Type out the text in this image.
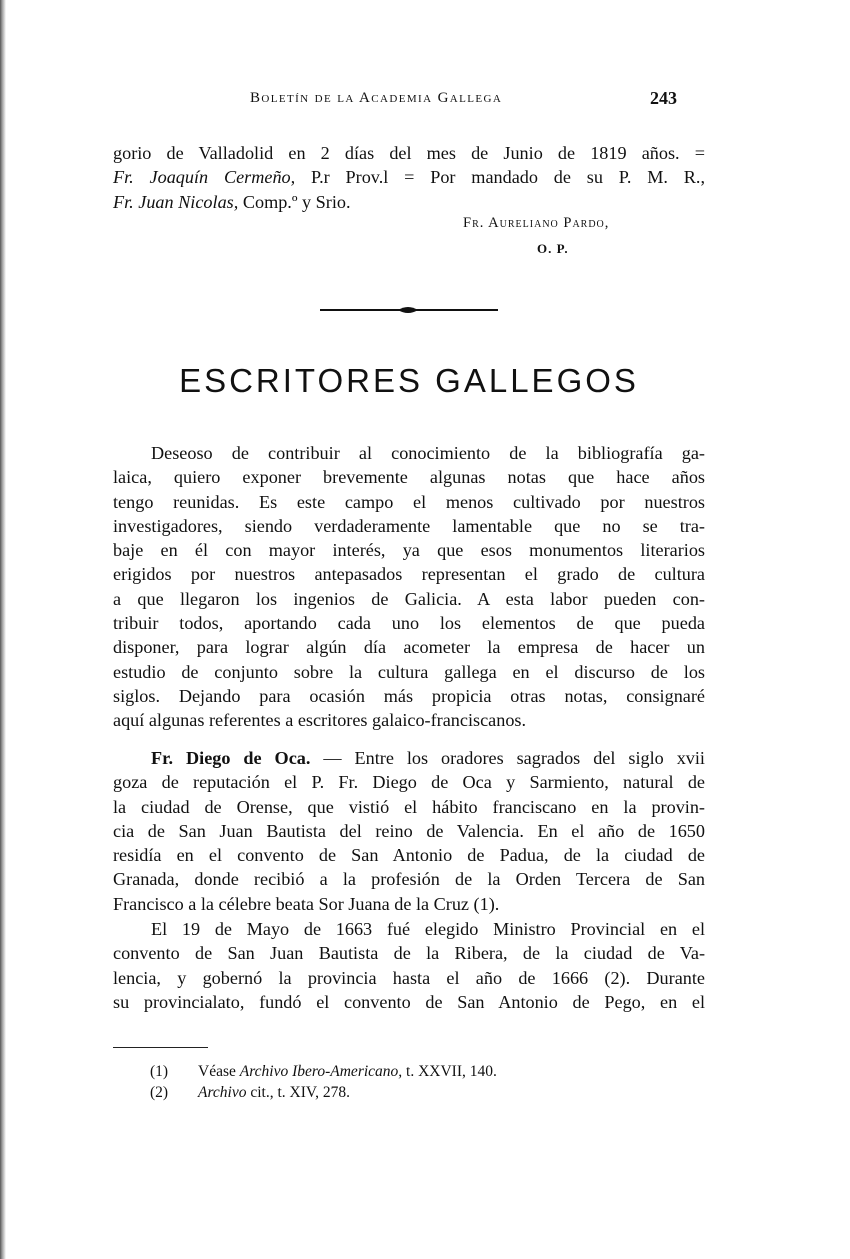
Boletín de la Academia Gallega	243
gorio de Valladolid en 2 días del mes de Junio de 1819 años. =
Fr. Joaquín Cermeño, P.r Prov.l = Por mandado de su P. M. R.,
Fr. Juan Nicolas, Comp.º y Srio.
Fr. Aureliano Pardo,
O. P.
ESCRITORES GALLEGOS
Deseoso de contribuir al conocimiento de la bibliografía ga-
laica, quiero exponer brevemente algunas notas que hace años
tengo reunidas. Es este campo el menos cultivado por nuestros
investigadores, siendo verdaderamente lamentable que no se tra-
baje en él con mayor interés, ya que esos monumentos literarios
erigidos por nuestros antepasados representan el grado de cultura
a que llegaron los ingenios de Galicia. A esta labor pueden con-
tribuir todos, aportando cada uno los elementos de que pueda
disponer, para lograr algún día acometer la empresa de hacer un
estudio de conjunto sobre la cultura gallega en el discurso de los
siglos. Dejando para ocasión más propicia otras notas, consignaré
aquí algunas referentes a escritores galaico-franciscanos.
Fr. Diego de Oca. — Entre los oradores sagrados del siglo xvii
goza de reputación el P. Fr. Diego de Oca y Sarmiento, natural de
la ciudad de Orense, que vistió el hábito franciscano en la provin-
cia de San Juan Bautista del reino de Valencia. En el año de 1650
residía en el convento de San Antonio de Padua, de la ciudad de
Granada, donde recibió a la profesión de la Orden Tercera de San
Francisco a la célebre beata Sor Juana de la Cruz (1).
El 19 de Mayo de 1663 fué elegido Ministro Provincial en el
convento de San Juan Bautista de la Ribera, de la ciudad de Va-
lencia, y gobernó la provincia hasta el año de 1666 (2). Durante
su provincialato, fundó el convento de San Antonio de Pego, en el
(1) Véase Archivo Ibero-Americano, t. XXVII, 140.
(2) Archivo cit., t. XIV, 278.
